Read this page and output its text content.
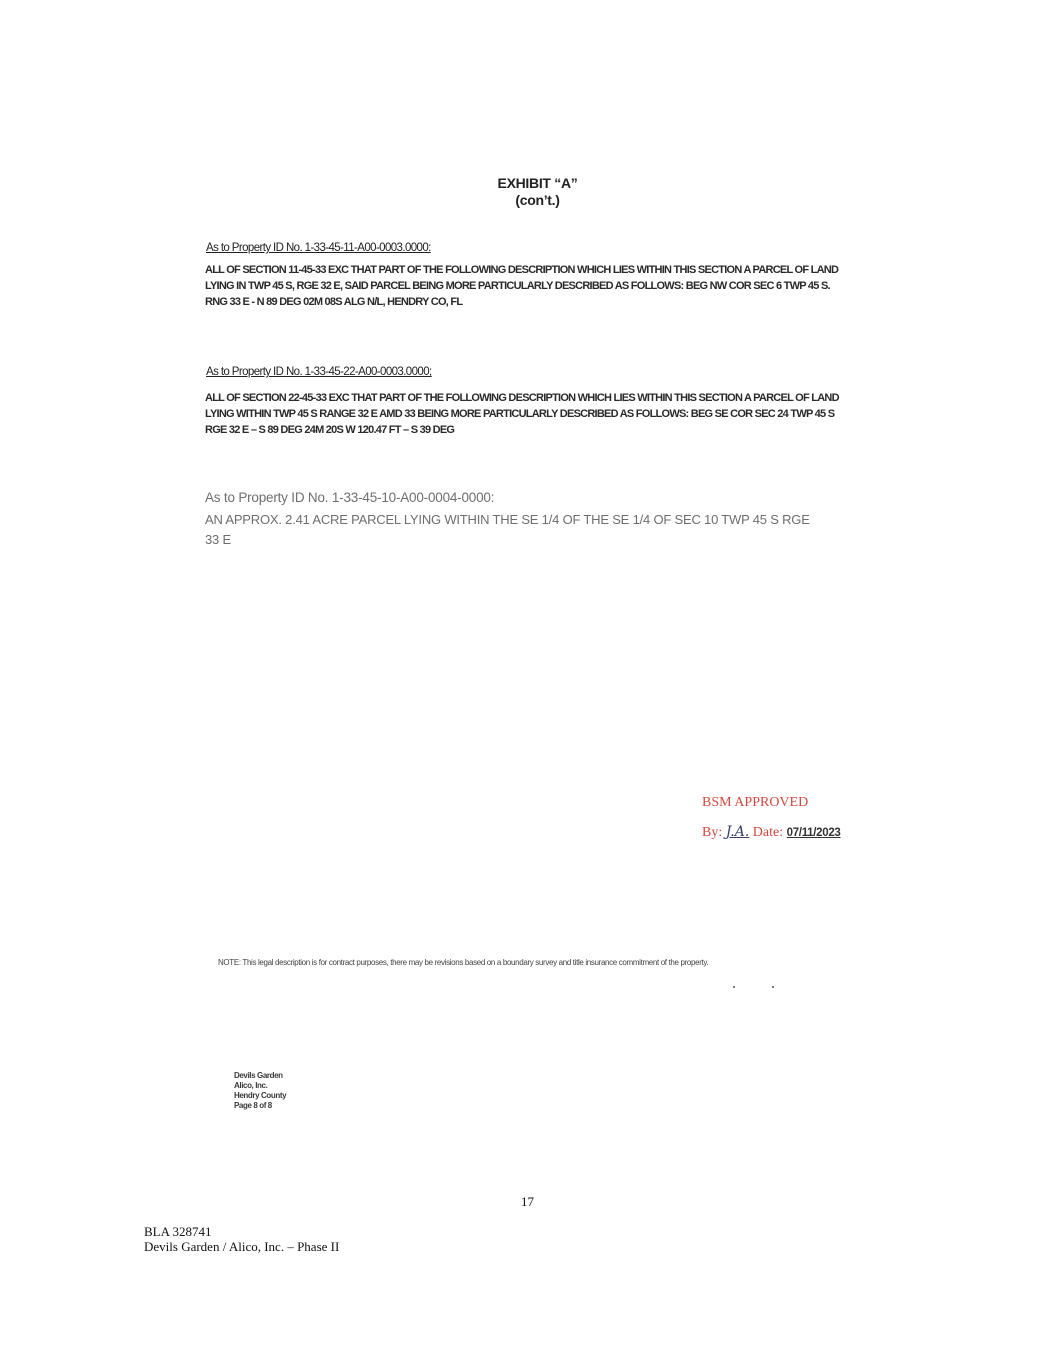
EXHIBIT “A”
(con’t.)
As to Property ID No. 1-33-45-11-A00-0003.0000:
ALL OF SECTION 11-45-33 EXC THAT PART OF THE FOLLOWING DESCRIPTION WHICH LIES WITHIN THIS SECTION A PARCEL OF LAND LYING IN TWP 45 S, RGE 32 E, SAID PARCEL BEING MORE PARTICULARLY DESCRIBED AS FOLLOWS: BEG NW COR SEC 6 TWP 45 S. RNG 33 E - N 89 DEG 02M 08S ALG N/L, HENDRY CO, FL
As to Property ID No. 1-33-45-22-A00-0003.0000;
ALL OF SECTION 22-45-33 EXC THAT PART OF THE FOLLOWING DESCRIPTION WHICH LIES WITHIN THIS SECTION A PARCEL OF LAND LYING WITHIN TWP 45 S RANGE 32 E AMD 33 BEING MORE PARTICULARLY DESCRIBED AS FOLLOWS: BEG SE COR SEC 24 TWP 45 S RGE 32 E – S 89 DEG 24M 20S W 120.47 FT – S 39 DEG
As to Property ID No. 1-33-45-10-A00-0004-0000:
AN APPROX. 2.41 ACRE PARCEL LYING WITHIN THE SE 1/4 OF THE SE 1/4 OF SEC 10 TWP 45 S RGE 33 E
BSM APPROVED
By: J.A. Date: 07/11/2023
NOTE: This legal description is for contract purposes, there may be revisions based on a boundary survey and title insurance commitment of the property.
Devils Garden
Alico, Inc.
Hendry County
Page 8 of 8
17
BLA 328741
Devils Garden / Alico, Inc. – Phase II
